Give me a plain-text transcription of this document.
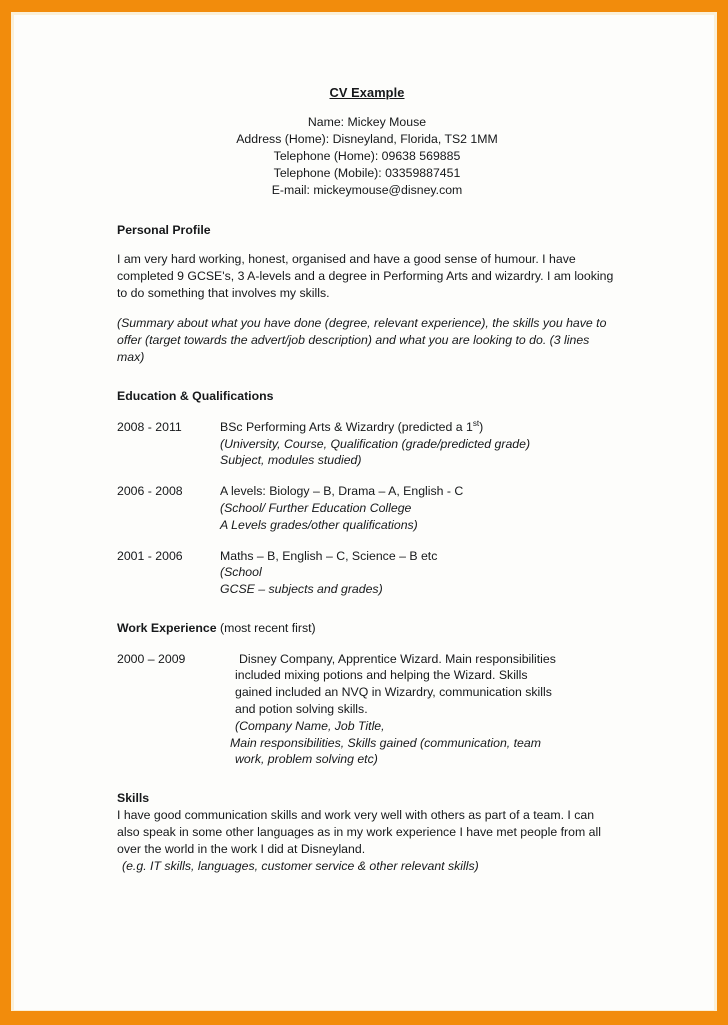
CV Example
Name: Mickey Mouse
Address (Home): Disneyland, Florida, TS2 1MM
Telephone (Home): 09638 569885
Telephone (Mobile): 03359887451
E-mail: mickeymouse@disney.com
Personal Profile

I am very hard working, honest, organised and have a good sense of humour. I have completed 9 GCSE's, 3 A-levels and a degree in Performing Arts and wizardry. I am looking to do something that involves my skills.

(Summary about what you have done (degree, relevant experience), the skills you have to offer (target towards the advert/job description) and what you are looking to do. (3 lines max)

Education & Qualifications
2008 - 2011	BSc Performing Arts & Wizardry (predicted a 1st)

(University, Course, Qualification (grade/predicted grade)

Subject, modules studied)

2006 - 2008	A levels: Biology – B, Drama – A, English - C

(School/ Further Education College

A Levels grades/other qualifications)

2001 - 2006	Maths – B, English – C, Science – B etc

(School

GCSE – subjects and grades)

Work Experience (most recent first)
2000 – 2009	Disney Company, Apprentice Wizard. Main responsibilities

included mixing potions and helping the Wizard. Skills

gained included an NVQ in Wizardry, communication skills

and potion solving skills.

(Company Name, Job Title,

Main responsibilities, Skills gained (communication, team

work, problem solving etc)

Skills

I have good communication skills and work very well with others as part of a team. I can also speak in some other languages as in my work experience I have met people from all over the world in the work I did at Disneyland.

(e.g. IT skills, languages, customer service & other relevant skills)
